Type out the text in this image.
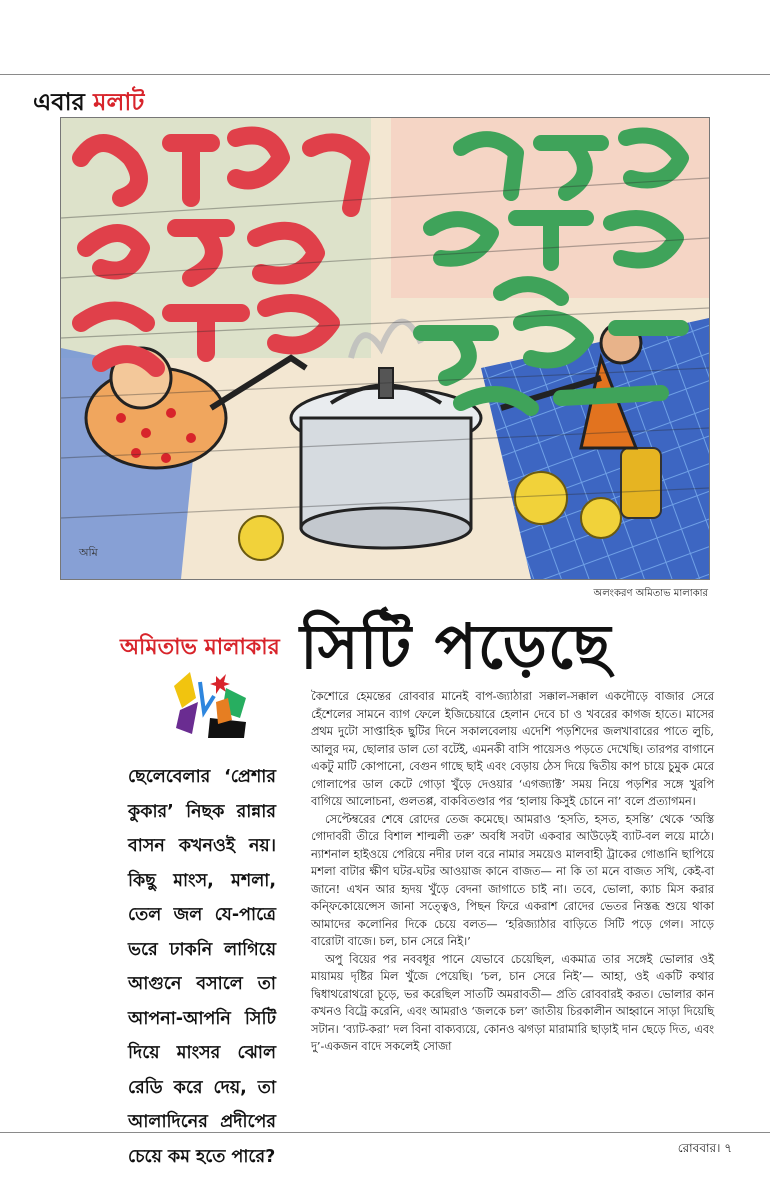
এবার মলাট
অমি
অলংকরণ অমিতাভ মালাকার
অমিতাভ মালাকার সিটি পড়েছে
ছেলেবেলার ‘প্রেশার কুকার’ নিছক রান্নার বাসন কখনওই নয়। কিছু মাংস, মশলা, তেল জল যে-পাত্রে ভরে ঢাকনি লাগিয়ে আগুনে বসালে তা আপনা-আপনি সিটি দিয়ে মাংসর ঝোল রেডি করে দেয়, তা আলাদিনের প্রদীপের চেয়ে কম হতে পারে?

কৈশোরে হেমন্তের রোববার মানেই বাপ-জ্যাঠারা সক্কাল-সক্কাল একদৌড়ে বাজার সেরে হেঁশেলের সামনে ব্যাগ ফেলে ইজিচেয়ারে হেলান দেবে চা ও খবরের কাগজ হাতে। মাসের প্রথম দুটো সাপ্তাহিক ছুটির দিনে সকালবেলায় এদেশি পড়শিদের জলখাবারের পাতে লুচি, আলুর দম, ছোলার ডাল তো বটেই, এমনকী বাসি পায়েসও পড়তে দেখেছি। তারপর বাগানে একটু মাটি কোপানো, বেগুন গাছে ছাই এবং বেড়ায় ঠেস দিয়ে দ্বিতীয় কাপ চায়ে চুমুক মেরে গোলাপের ডাল কেটে গোড়া খুঁড়ে দেওয়ার ‘এগজ্যাক্ট’ সময় নিয়ে পড়শির সঙ্গে খুরপি বাগিয়ে আলোচনা, গুলতপ্প, বাকবিতণ্ডার পর ‘হালায় কিসুই চোনে না’ বলে প্রত্যাগমন।

সেপ্টেম্বরের শেষে রোদের তেজ কমেছে। আমরাও ‘হসতি, হসত, হসন্তি’ থেকে ‘অস্তি গোদাবরী তীরে বিশাল শাল্মলী তরু’ অবধি সবটা একবার আউড়েই ব্যাট-বল লয়ে মাঠে। ন্যাশনাল হাইওয়ে পেরিয়ে নদীর ঢাল বরে নামার সময়েও মালবাহী ট্রাকের গোঙানি ছাপিয়ে মশলা বাটার ক্ষীণ ঘটর-ঘটর আওয়াজ কানে বাজত— না কি তা মনে বাজত সখি, কেই-বা জানে! এখন আর হৃদয় খুঁড়ে বেদনা জাগাতে চাই না। তবে, ভোলা, ক্যাচ মিস করার কন্ফিকোয়েন্সেস জানা সত্ত্বেও, পিছন ফিরে একরাশ রোদের ভেতর নিস্তব্ধ শুয়ে থাকা আমাদের কলোনির দিকে চেয়ে বলত— ‘হরিজ্যাঠার বাড়িতে সিটি পড়ে গেল। সাড়ে বারোটা বাজে। চল, চান সেরে নিই।’

অপু বিয়ের পর নববধূর পানে যেভাবে চেয়েছিল, একমাত্র তার সঙ্গেই ভোলার ওই মায়াময় দৃষ্টির মিল খুঁজে পেয়েছি। ‘চল, চান সেরে নিই’— আহা, ওই একটি কথার দ্বিধাথরোথরো চূড়ে, ভর করেছিল সাতটি অমরাবতী— প্রতি রোববারই করত। ভোলার কান কখনও বিট্রে করেনি, এবং আমরাও ‘জলকে চল’ জাতীয় চিরকালীন আহ্বানে সাড়া দিয়েছি সটান। ‘ব্যাট-করা’ দল বিনা বাক্যব্যয়ে, কোনও ঝগড়া মারামারি ছাড়াই দান ছেড়ে দিত, এবং দু’-একজন বাদে সকলেই সোজা

রোববার। ৭
